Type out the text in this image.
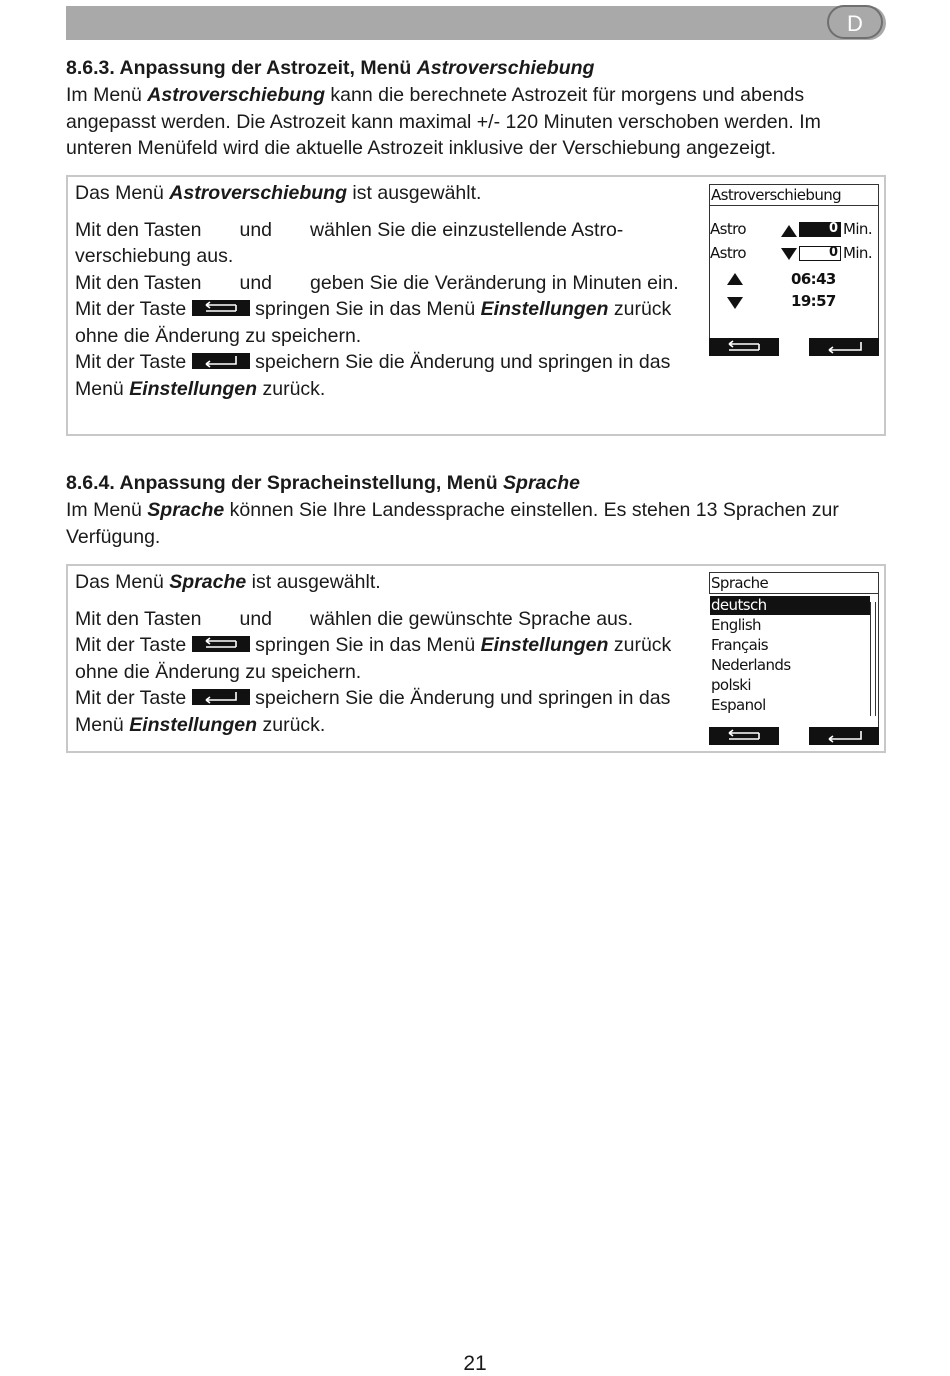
D
8.6.3. Anpassung der Astrozeit, Menü Astroverschiebung

Im Menü Astroverschiebung kann die berechnete Astrozeit für morgens und abends angepasst werden. Die Astrozeit kann maximal +/- 120 Minuten verschoben werden. Im unteren Menüfeld wird die aktuelle Astrozeit inklusive der Verschiebung angezeigt.

Das Menü Astroverschiebung ist ausgewählt.

Mit den Tasten und wählen Sie die einzustellende Astro-verschiebung aus.

Mit den Tasten und geben Sie die Veränderung in Minuten ein.

Mit der Taste	springen Sie in das Menü Einstellungen zurück ohne die Änderung zu speichern.

Mit der Taste	speichern Sie die Änderung und springen in das Menü Einstellungen zurück.

Astroverschiebung
Astro	0 Min.
Astro	0 Min.
06:43
19:57
8.6.4. Anpassung der Spracheinstellung, Menü Sprache

Im Menü Sprache können Sie Ihre Landessprache einstellen. Es stehen 13 Sprachen zur Verfügung.

Das Menü Sprache ist ausgewählt.

Mit den Tasten und wählen die gewünschte Sprache aus.

Mit der Taste	springen Sie in das Menü Einstellungen zurück ohne die Änderung zu speichern.

Mit der Taste	speichern Sie die Änderung und springen in das Menü Einstellungen zurück.

Sprache
deutsch
English
Français
Nederlands
polski
Espanol
21
